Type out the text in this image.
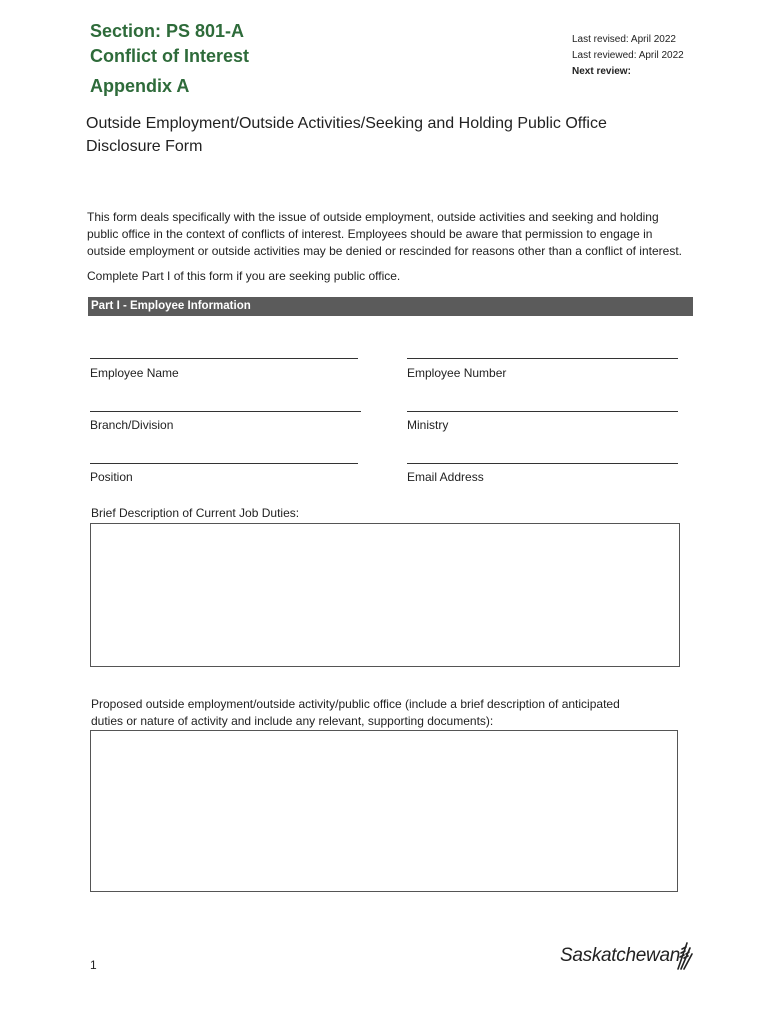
Section: PS 801-A
Conflict of Interest
Appendix A
Last revised: April 2022
Last reviewed: April 2022
Next review:
Outside Employment/Outside Activities/Seeking and Holding Public Office
Disclosure Form
This form deals specifically with the issue of outside employment, outside activities and seeking and holding
public office in the context of conflicts of interest. Employees should be aware that permission to engage in
outside employment or outside activities may be denied or rescinded for reasons other than a conflict of interest.
Complete Part I of this form if you are seeking public office.
Part I - Employee Information
Employee Name	Employee Number
Branch/Division	Ministry
Position	Email Address
Brief Description of Current Job Duties:
Proposed outside employment/outside activity/public office (include a brief description of anticipated
duties or nature of activity and include any relevant, supporting documents):
1	Saskatchewan
